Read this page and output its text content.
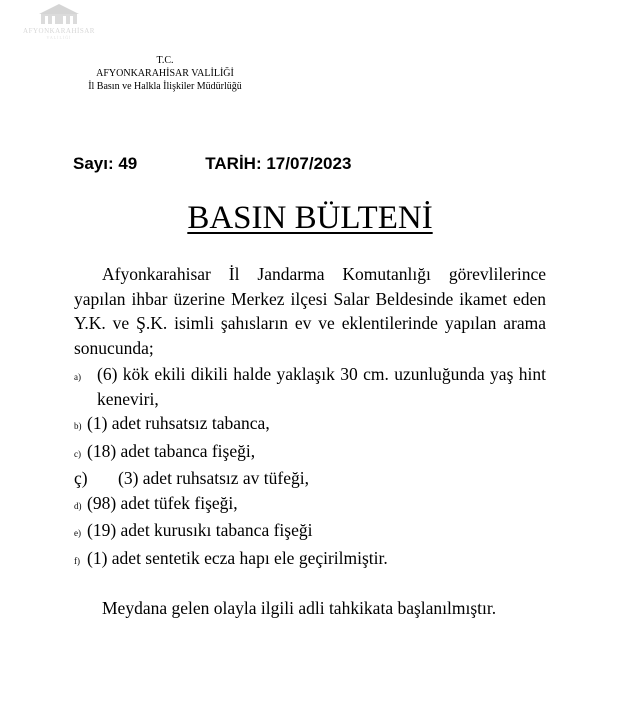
AFYONKARAHİSAR
VALİLİĞİ
T.C.
AFYONKARAHİSAR VALİLİĞİ
İl Basın ve Halkla İlişkiler Müdürlüğü
Sayı: 49	TARİH: 17/07/2023
BASIN BÜLTENİ

Afyonkarahisar İl Jandarma Komutanlığı görevlilerince yapılan ihbar üzerine Merkez ilçesi Salar Beldesinde ikamet eden Y.K. ve Ş.K. isimli şahısların ev ve eklentilerinde yapılan arama sonucunda;

a) (6) kök ekili dikili halde yaklaşık 30 cm. uzunluğunda yaş hint keneviri,
b) (1) adet ruhsatsız tabanca,
c) (18) adet tabanca fişeği,
ç)	(3) adet ruhsatsız av tüfeği,
d) (98) adet tüfek fişeği,
e) (19) adet kurusıkı tabanca fişeği
f) (1) adet sentetik ecza hapı ele geçirilmiştir.

Meydana gelen olayla ilgili adli tahkikata başlanılmıştır.
